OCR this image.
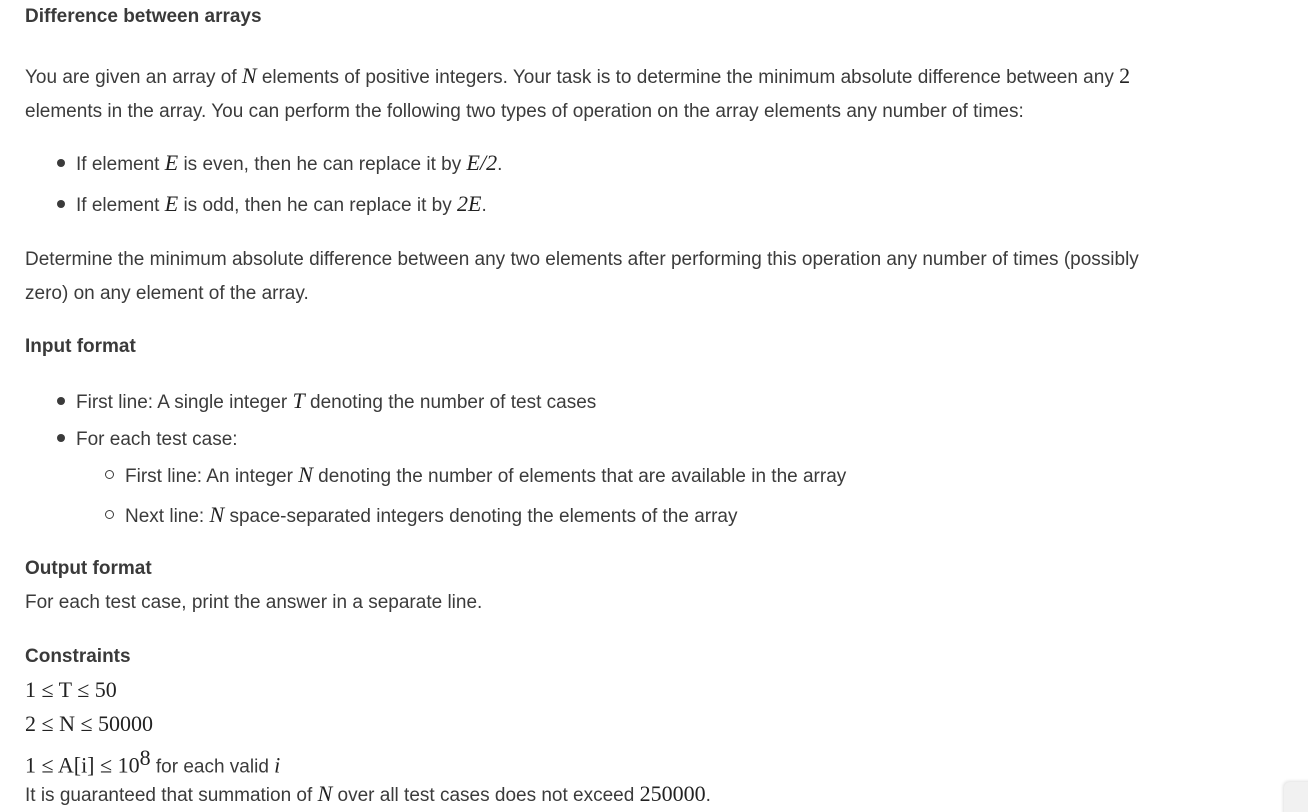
Difference between arrays
You are given an array of N elements of positive integers. Your task is to determine the minimum absolute difference between any 2
elements in the array. You can perform the following two types of operation on the array elements any number of times:
If element E is even, then he can replace it by E/2.
If element E is odd, then he can replace it by 2E.
Determine the minimum absolute difference between any two elements after performing this operation any number of times (possibly
zero) on any element of the array.
Input format
First line: A single integer T denoting the number of test cases
For each test case:
First line: An integer N denoting the number of elements that are available in the array
Next line: N space-separated integers denoting the elements of the array
Output format
For each test case, print the answer in a separate line.
Constraints
1 ≤ T ≤ 50
2 ≤ N ≤ 50000
$1 \le A[i] \le 10^8$ for each valid i
It is guaranteed that summation of N over all test cases does not exceed 250000.
